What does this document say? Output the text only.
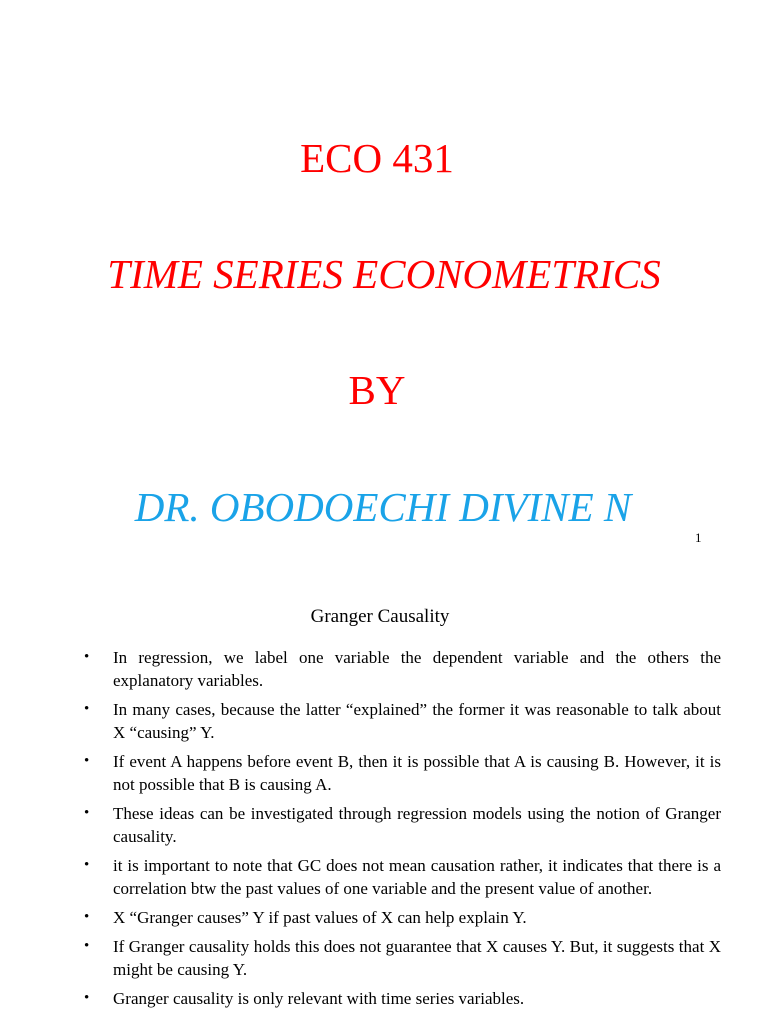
ECO 431
TIME SERIES ECONOMETRICS
BY
DR. OBODOECHI DIVINE N
1
Granger Causality
• In regression, we label one variable the dependent variable and the others the explanatory variables.
• In many cases, because the latter “explained” the former it was reasonable to talk about X “causing” Y.
• If event A happens before event B, then it is possible that A is causing B. However, it is not possible that B is causing A.
• These ideas can be investigated through regression models using the notion of Granger causality.
• it is important to note that GC does not mean causation rather, it indicates that there is a correlation btw the past values of one variable and the present value of another.
• X “Granger causes” Y if past values of X can help explain Y.
• If Granger causality holds this does not guarantee that X causes Y. But, it suggests that X might be causing Y.
• Granger causality is only relevant with time series variables.
